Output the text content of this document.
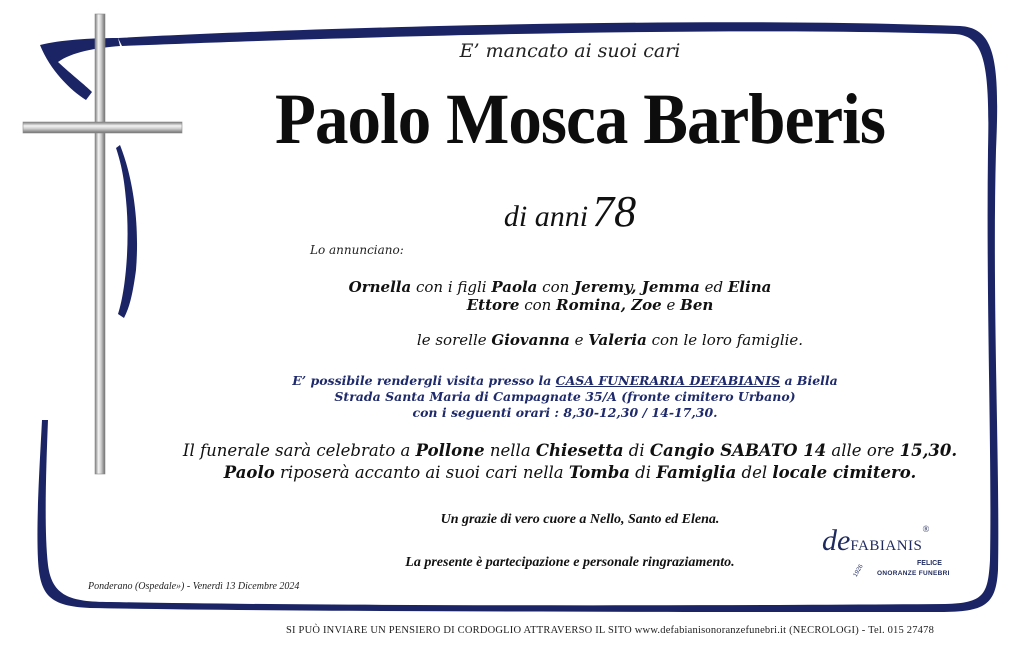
E’ mancato ai suoi cari
Paolo Mosca Barberis
di anni 78
Lo annunciano:
Ornella con i figli Paola con Jeremy, Jemma ed Elina
Ettore con Romina, Zoe e Ben
le sorelle Giovanna e Valeria con le loro famiglie.
E’ possibile rendergli visita presso la CASA FUNERARIA DEFABIANIS a Biella
Strada Santa Maria di Campagnate 35/A (fronte cimitero Urbano)
con i seguenti orari : 8,30-12,30 / 14-17,30.
Il funerale sarà celebrato a Pollone nella Chiesetta di Cangio SABATO 14 alle ore 15,30.
Paolo riposerà accanto ai suoi cari nella Tomba di Famiglia del locale cimitero.
Un grazie di vero cuore a Nello, Santo ed Elena.
La presente è partecipazione e personale ringraziamento.
Ponderano (Ospedale») - Venerdì 13 Dicembre 2024
deFABIANIS®
FELICE
ONORANZE FUNEBRI
1926
SI PUÒ INVIARE UN PENSIERO DI CORDOGLIO ATTRAVERSO IL SITO www.defabianisonoranzefunebri.it (NECROLOGI) - Tel. 015 27478
